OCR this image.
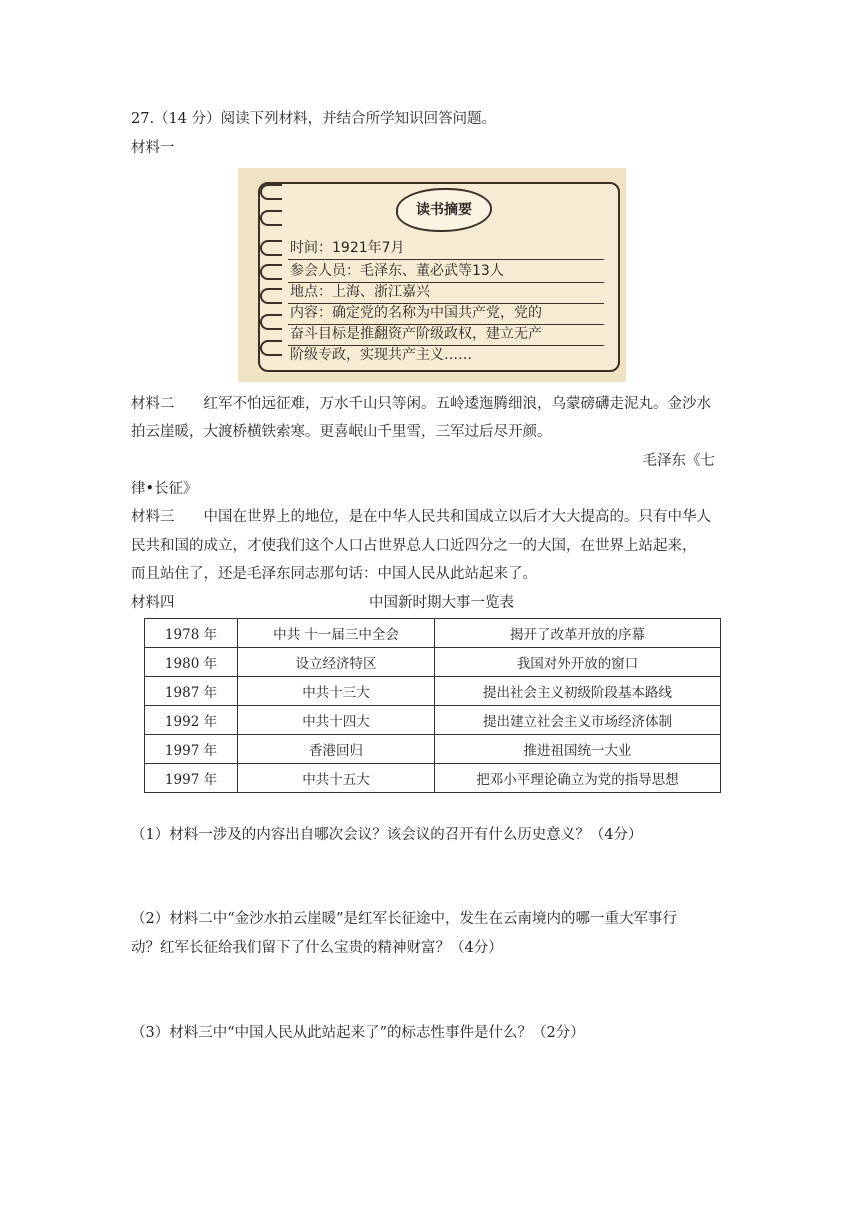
27.（14 分）阅读下列材料，并结合所学知识回答问题。
材料一
读书摘要
时间：1921年7月
参会人员：毛泽东、董必武等13人
地点：上海、浙江嘉兴
内容：确定党的名称为中国共产党，党的
奋斗目标是推翻资产阶级政权，建立无产
阶级专政，实现共产主义……
材料二　　红军不怕远征难，万水千山只等闲。五岭逶迤腾细浪，乌蒙磅礴走泥丸。金沙水
拍云崖暖，大渡桥横铁索寒。更喜岷山千里雪，三军过后尽开颜。
毛泽东《七
律•长征》
材料三　　中国在世界上的地位，是在中华人民共和国成立以后才大大提高的。只有中华人
民共和国的成立，才使我们这个人口占世界总人口近四分之一的大国，在世界上站起来，
而且站住了，还是毛泽东同志那句话：中国人民从此站起来了。
材料四	中国新时期大事一览表
1978 年	中共 十一届三中全会	揭开了改革开放的序幕
1980 年	设立经济特区	我国对外开放的窗口
1987 年	中共十三大	提出社会主义初级阶段基本路线
1992 年	中共十四大	提出建立社会主义市场经济体制
1997 年	香港回归	推进祖国统一大业
1997 年	中共十五大	把邓小平理论确立为党的指导思想
（1）材料一涉及的内容出自哪次会议？该会议的召开有什么历史意义？（4分）
（2）材料二中“金沙水拍云崖暖”是红军长征途中，发生在云南境内的哪一重大军事行
动？红军长征给我们留下了什么宝贵的精神财富？（4分）
（3）材料三中“中国人民从此站起来了”的标志性事件是什么？（2分）
